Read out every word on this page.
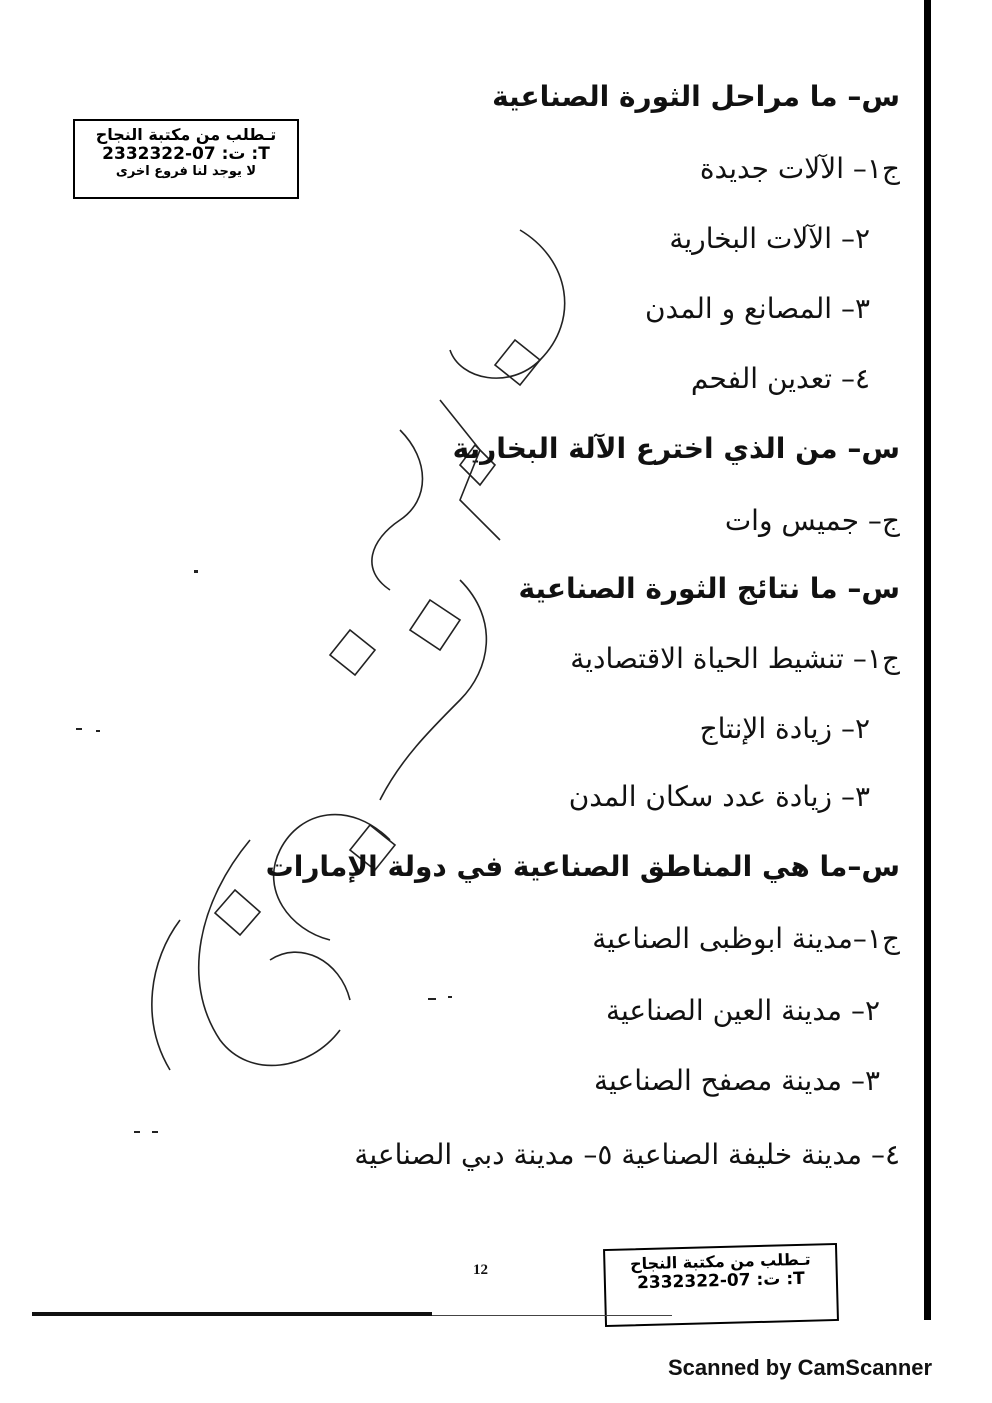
تـطلب من مكتبة النجاح
ت: 07-2332322 :T
لا يوجد لنا فروع اخرى
تـطلب من مكتبة النجاح
ت: 07-2332322 :T
س– ما مراحل الثورة الصناعية
ج١– الآلات جديدة
٢– الآلات البخارية
٣– المصانع و المدن
٤– تعدين الفحم
س– من الذي اخترع الآلة البخارية
ج– جميس وات
س– ما نتائج الثورة الصناعية
ج١– تنشيط الحياة الاقتصادية
٢– زيادة الإنتاج
٣– زيادة عدد سكان المدن
س–ما هي المناطق الصناعية في دولة الإمارات
ج١–مدينة ابوظبى الصناعية
٢– مدينة العين الصناعية
٣– مدينة مصفح الصناعية
٤– مدينة خليفة الصناعية ٥– مدينة دبي الصناعية
12
Scanned by CamScanner
